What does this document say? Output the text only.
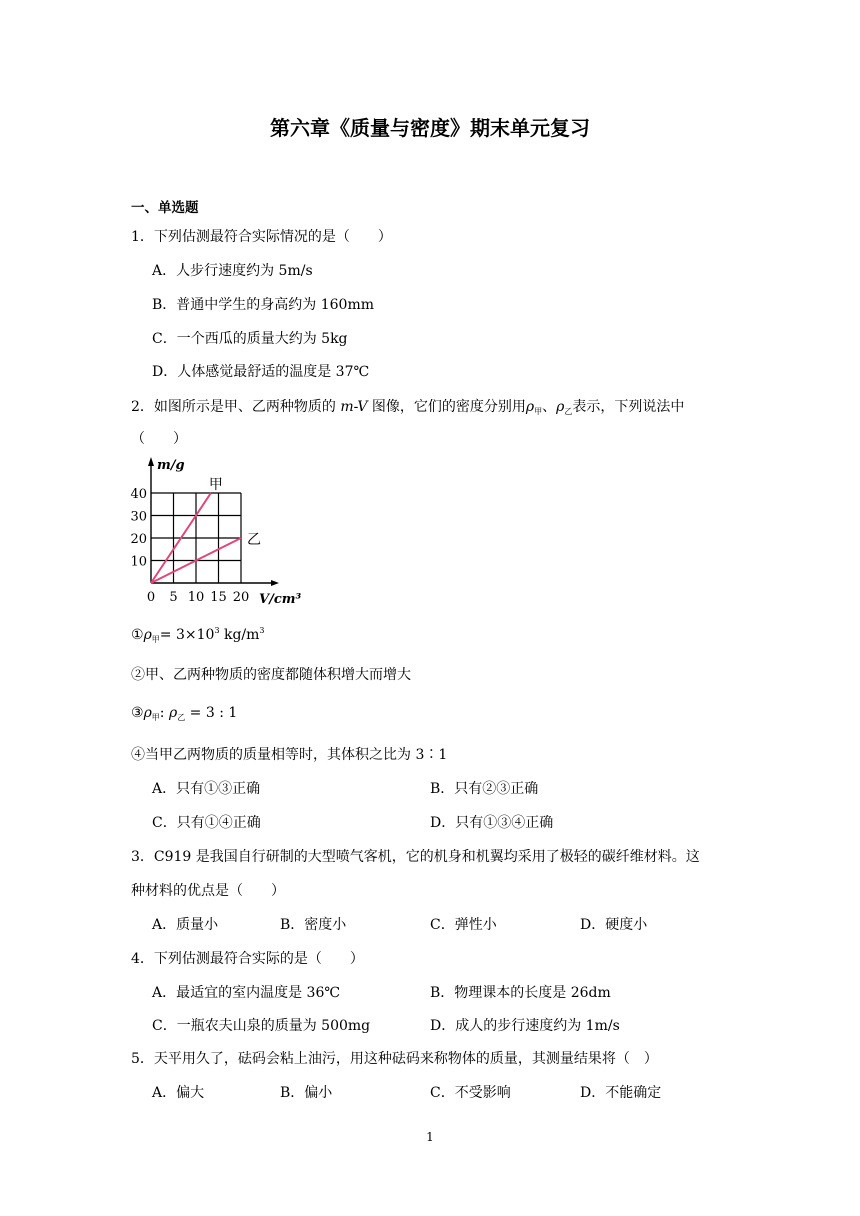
第六章《质量与密度》期末单元复习
一、单选题
1．下列估测最符合实际情况的是（　　）
A．人步行速度约为 5m/s
B．普通中学生的身高约为 160mm
C．一个西瓜的质量大约为 5kg
D．人体感觉最舒适的温度是 37℃
2．如图所示是甲、乙两种物质的 m-V 图像，它们的密度分别用$\rho_甲$、$\rho_乙$表示，下列说法中
（　　）
0 5 10 15 20
10
20
30
40
m/g
V/cm³
甲
乙
$①\rho_甲= 3\times 10^3$ $kg/m^3$
②甲、乙两种物质的密度都随体积增大而增大
$③\rho_甲$: $\rho_乙 = 3$ : 1
④当甲乙两物质的质量相等时，其体积之比为 3∶1
A．只有①③正确	B．只有②③正确
C．只有①④正确	D．只有①③④正确
3．C919 是我国自行研制的大型喷气客机，它的机身和机翼均采用了极轻的碳纤维材料。这
种材料的优点是（　　）
A．质量小	B．密度小	C．弹性小	D．硬度小
4．下列估测最符合实际的是（　　）
A．最适宜的室内温度是 36℃	B．物理课本的长度是 26dm
C．一瓶农夫山泉的质量为 500mg	D．成人的步行速度约为 1m/s
5．天平用久了，砝码会粘上油污，用这种砝码来称物体的质量，其测量结果将（　）
A．偏大	B．偏小	C．不受影响	D．不能确定
1
